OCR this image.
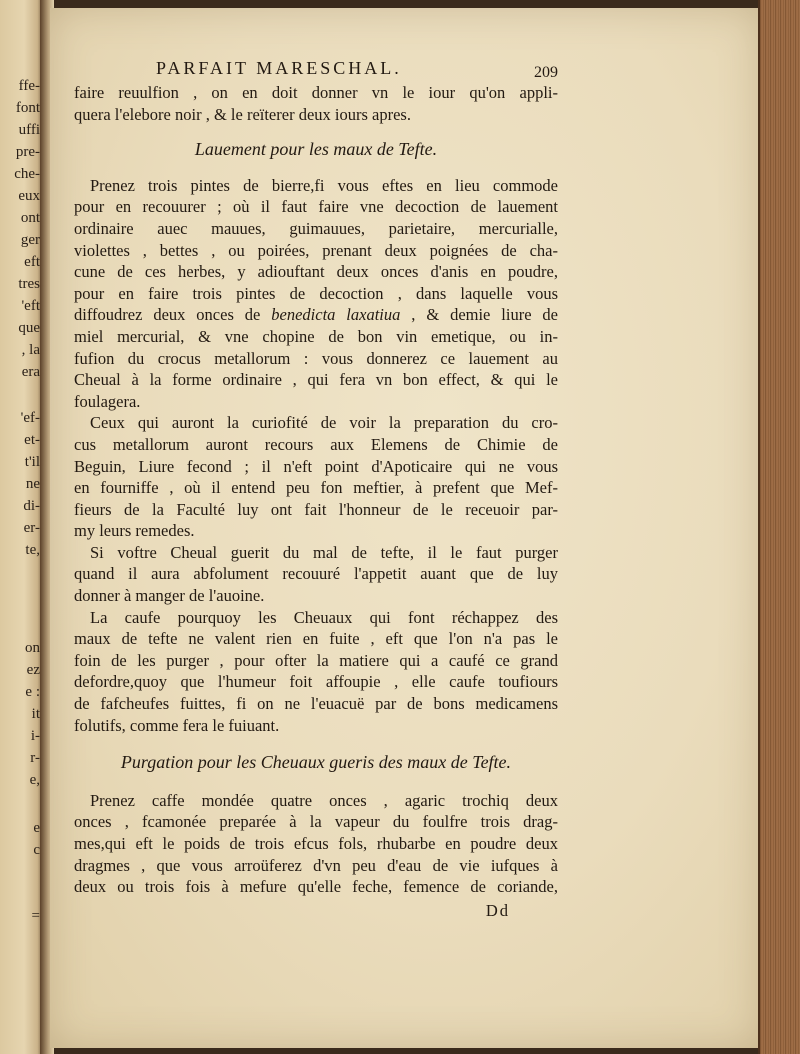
ffe-
font
uffi
pre-
che-
eux
ont
ger
eft
tres
'eft
que
, la
era
'ef-
et-
t'il
ne
di-
er-
te,
on
ez
e :
it
i-
r-
e,
e
c
=
PARFAIT MARESCHAL.	209
faire reuulfion , on en doit donner vn le iour qu'on appli-
quera l'elebore noir , & le reïterer deux iours apres.
Lauement pour les maux de Tefte.
Prenez trois pintes de bierre,fi vous eftes en lieu commode
pour en recouurer ; où il faut faire vne decoction de lauement
ordinaire auec mauues, guimauues, parietaire, mercurialle,
violettes , bettes , ou poirées, prenant deux poignées de cha-
cune de ces herbes, y adiouftant deux onces d'anis en poudre,
pour en faire trois pintes de decoction , dans laquelle vous
diffoudrez deux onces de benedicta laxatiua , & demie liure de
miel mercurial, & vne chopine de bon vin emetique, ou in-
fufion du crocus metallorum : vous donnerez ce lauement au
Cheual à la forme ordinaire , qui fera vn bon effect, & qui le
foulagera.
Ceux qui auront la curiofité de voir la preparation du cro-
cus metallorum auront recours aux Elemens de Chimie de
Beguin, Liure fecond ; il n'eft point d'Apoticaire qui ne vous
en fourniffe , où il entend peu fon meftier, à prefent que Mef-
fieurs de la Faculté luy ont fait l'honneur de le receuoir par-
my leurs remedes.
Si voftre Cheual guerit du mal de tefte, il le faut purger
quand il aura abfolument recouuré l'appetit auant que de luy
donner à manger de l'auoine.
La caufe pourquoy les Cheuaux qui font réchappez des
maux de tefte ne valent rien en fuite , eft que l'on n'a pas le
foin de les purger , pour ofter la matiere qui a caufé ce grand
defordre,quoy que l'humeur foit affoupie , elle caufe toufiours
de fafcheufes fuittes, fi on ne l'euacuë par de bons medicamens
folutifs, comme fera le fuiuant.
Purgation pour les Cheuaux gueris des maux de Tefte.
Prenez caffe mondée quatre onces , agaric trochiq deux
onces , fcamonée preparée à la vapeur du foulfre trois drag-
mes,qui eft le poids de trois efcus fols, rhubarbe en poudre deux
dragmes , que vous arroüferez d'vn peu d'eau de vie iufques à
deux ou trois fois à mefure qu'elle feche, femence de coriande,
Dd
